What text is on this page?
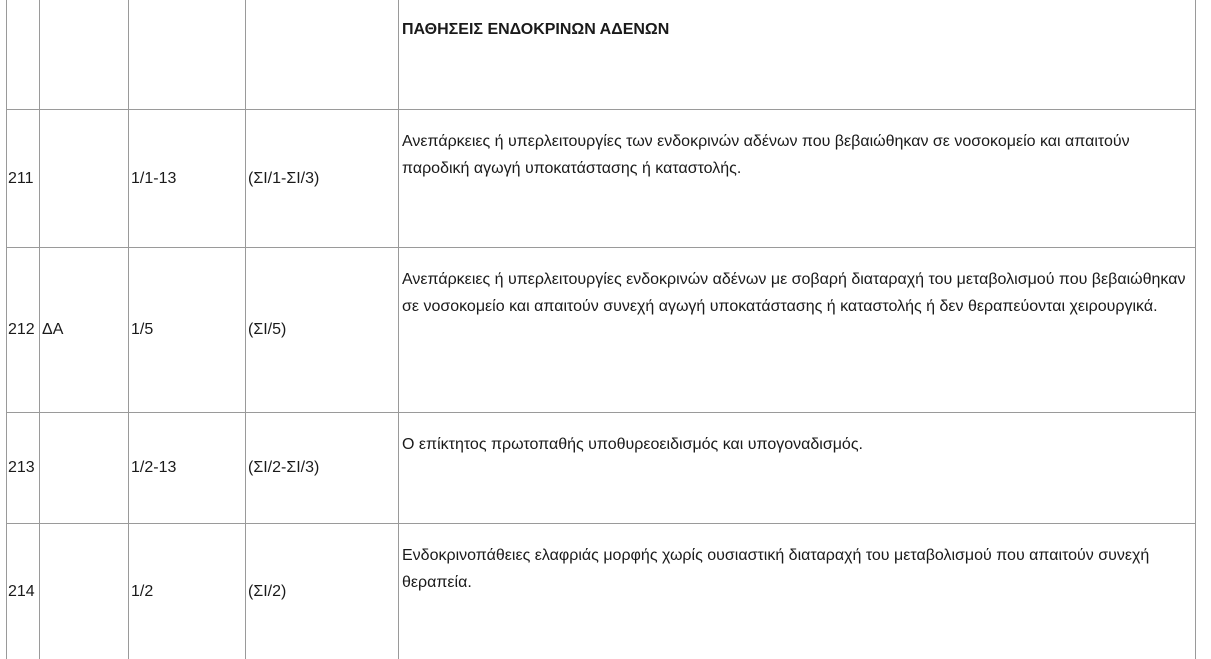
				ΠΑΘΗΣΕΙΣ ΕΝΔΟΚΡΙΝΩΝ ΑΔΕΝΩΝ

211		1/1-13	(ΣΙ/1-ΣΙ/3)	Ανεπάρκειες ή υπερλειτουργίες των ενδοκρινών αδένων που βεβαιώθηκαν σε νοσοκομείο και απαιτούν παροδική αγωγή υποκατάστασης ή καταστολής.

212	ΔΑ	1/5	(ΣΙ/5)	Ανεπάρκειες ή υπερλειτουργίες ενδοκρινών αδένων με σοβαρή διαταραχή του μεταβολισμού που βεβαιώθηκαν σε νοσοκομείο και απαιτούν συνεχή αγωγή υποκατάστασης ή καταστολής ή δεν θεραπεύονται χειρουργικά.

213		1/2-13	(ΣΙ/2-ΣΙ/3)	Ο επίκτητος πρωτοπαθής υποθυρεοειδισμός και υπογοναδισμός.

214		1/2	(ΣΙ/2)	Ενδοκρινοπάθειες ελαφριάς μορφής χωρίς ουσιαστική διαταραχή του μεταβολισμού που απαιτούν συνεχή θεραπεία.
